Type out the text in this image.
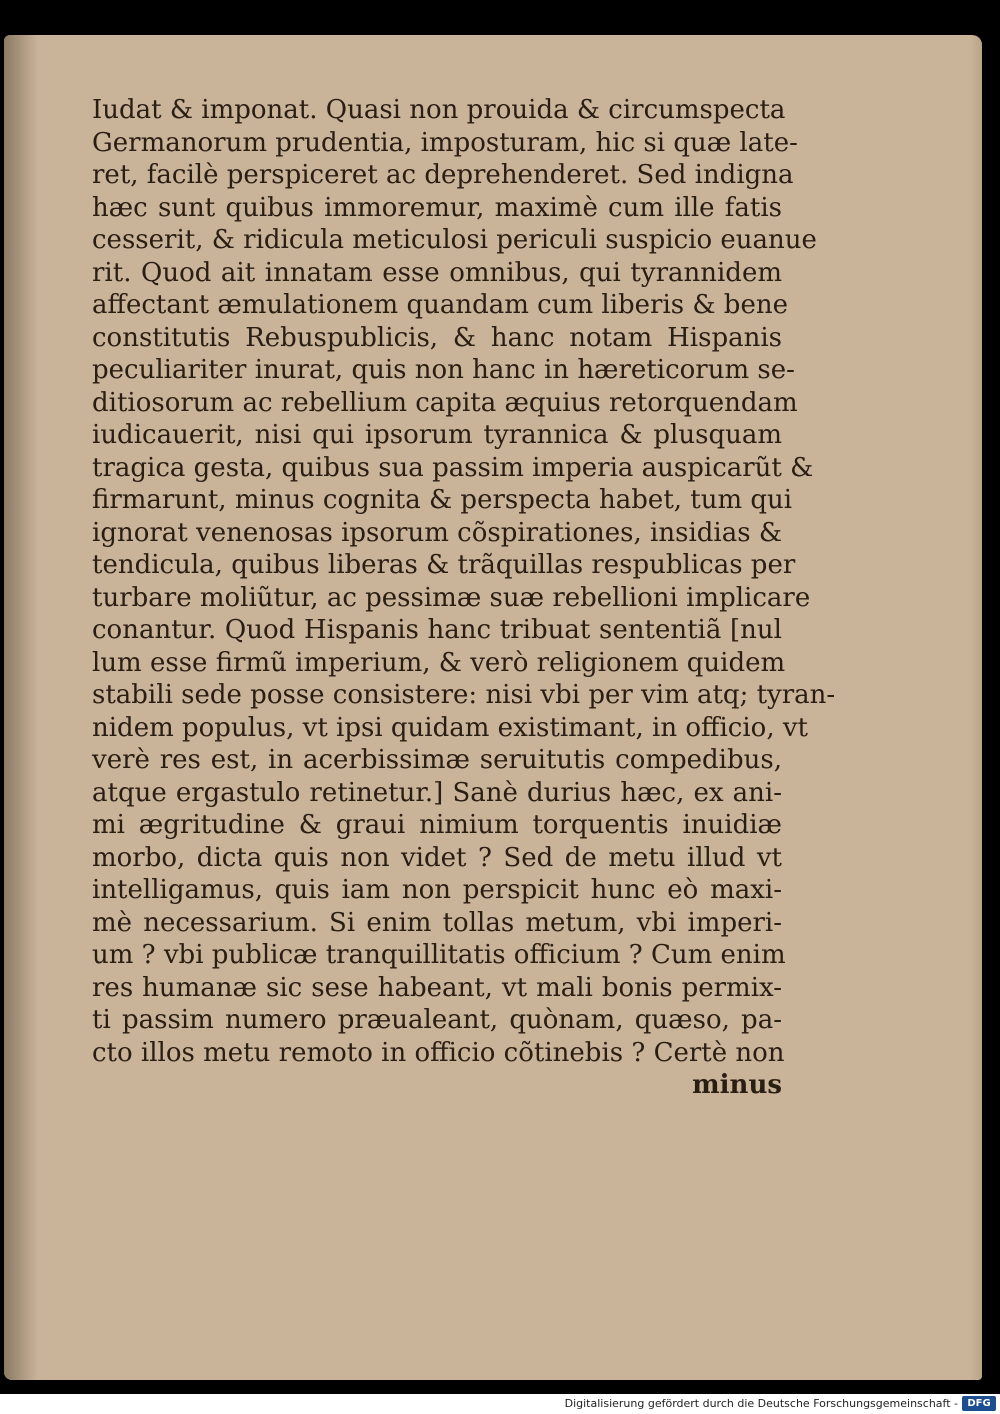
Iudat & imponat. Quasi non prouida & circumspecta
Germanorum prudentia, imposturam, hic si quæ late-
ret, facilè perspiceret ac deprehenderet. Sed indigna
hæc sunt quibus immoremur, maximè cum ille fatis
cesserit, & ridicula meticulosi periculi suspicio euanue
rit. Quod ait innatam esse omnibus, qui tyrannidem
affectant æmulationem quandam cum liberis & bene
constitutis Rebuspublicis, & hanc notam Hispanis
peculiariter inurat, quis non hanc in hæreticorum se-
ditiosorum ac rebellium capita æquius retorquendam
iudicauerit, nisi qui ipsorum tyrannica & plusquam
tragica gesta, quibus sua passim imperia auspicarũt &
firmarunt, minus cognita & perspecta habet, tum qui
ignorat venenosas ipsorum cõspirationes, insidias &
tendicula, quibus liberas & trãquillas respublicas per
turbare moliũtur, ac pessimæ suæ rebellioni implicare
conantur. Quod Hispanis hanc tribuat sententiã [nul
lum esse firmũ imperium, & verò religionem quidem
stabili sede posse consistere: nisi vbi per vim atq; tyran-
nidem populus, vt ipsi quidam existimant, in officio, vt
verè res est, in acerbissimæ seruitutis compedibus,
atque ergastulo retinetur.] Sanè durius hæc, ex ani-
mi ægritudine & graui nimium torquentis inuidiæ
morbo, dicta quis non videt ? Sed de metu illud vt
intelligamus, quis iam non perspicit hunc eò maxi-
mè necessarium. Si enim tollas metum, vbi imperi-
um ? vbi publicæ tranquillitatis officium ? Cum enim
res humanæ sic sese habeant, vt mali bonis permix-
ti passim numero præualeant, quònam, quæso, pa-
cto illos metu remoto in officio cõtinebis ? Certè non
minus
Digitalisierung gefördert durch die Deutsche Forschungsgemeinschaft - DFG
